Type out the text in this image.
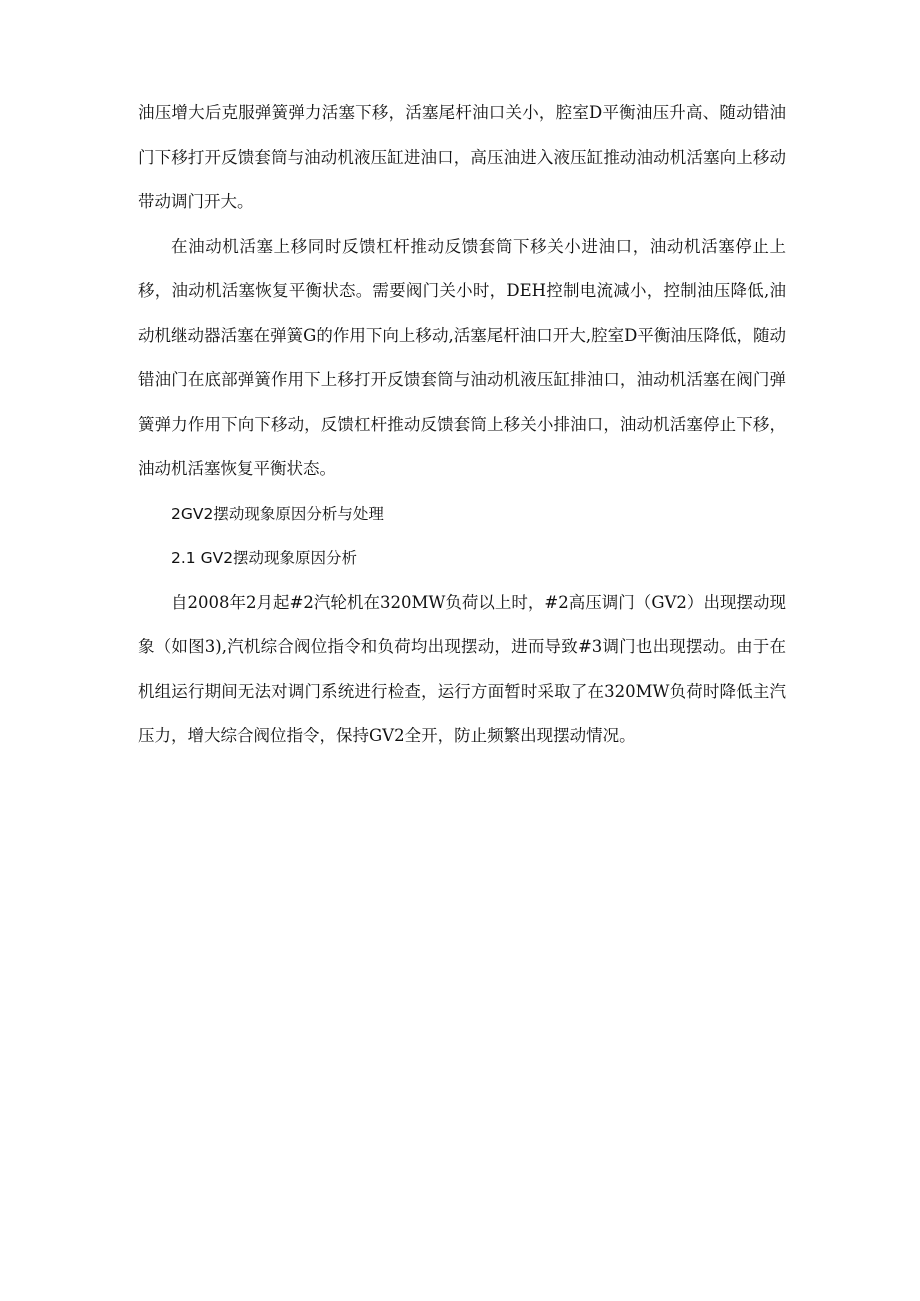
油压增大后克服弹簧弹力活塞下移，活塞尾杆油口关小，腔室D平衡油压升高、随动错油门下移打开反馈套筒与油动机液压缸进油口，高压油进入液压缸推动油动机活塞向上移动带动调门开大。

在油动机活塞上移同时反馈杠杆推动反馈套筒下移关小进油口，油动机活塞停止上移，油动机活塞恢复平衡状态。需要阀门关小时，DEH控制电流减小，控制油压降低,油动机继动器活塞在弹簧G的作用下向上移动,活塞尾杆油口开大,腔室D平衡油压降低，随动错油门在底部弹簧作用下上移打开反馈套筒与油动机液压缸排油口，油动机活塞在阀门弹簧弹力作用下向下移动，反馈杠杆推动反馈套筒上移关小排油口，油动机活塞停止下移，油动机活塞恢复平衡状态。

2GV2摆动现象原因分析与处理

2.1 GV2摆动现象原因分析

自2008年2月起#2汽轮机在320MW负荷以上时，#2高压调门（GV2）出现摆动现象（如图3),汽机综合阀位指令和负荷均出现摆动，进而导致#3调门也出现摆动。由于在机组运行期间无法对调门系统进行检查，运行方面暂时采取了在320MW负荷时降低主汽压力，增大综合阀位指令，保持GV2全开，防止频繁出现摆动情况。
